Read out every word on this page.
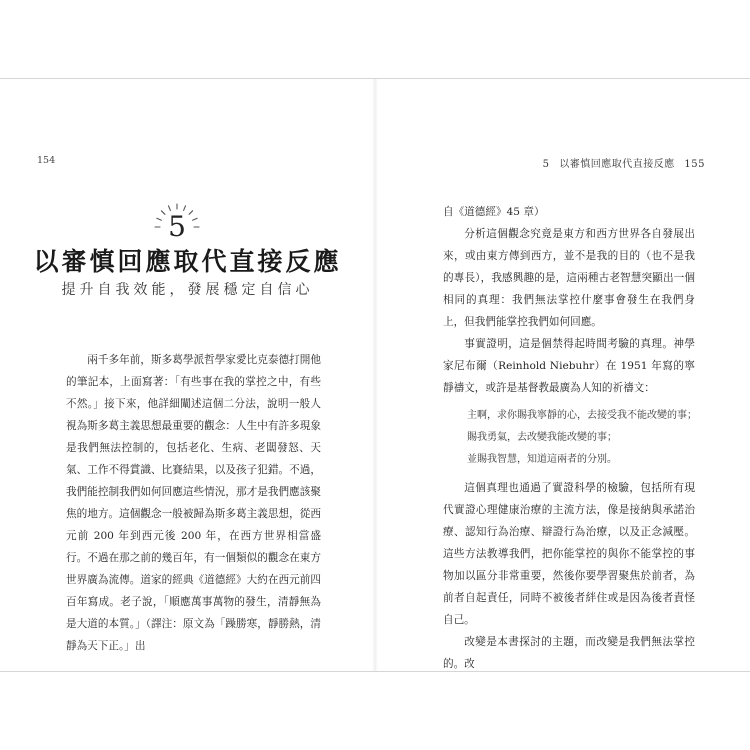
154
5
以審慎回應取代直接反應
提升自我效能，發展穩定自信心

兩千多年前，斯多葛學派哲學家愛比克泰德打開他的筆記本，上面寫著：「有些事在我的掌控之中，有些不然。」接下來，他詳細闡述這個二分法，說明一般人視為斯多葛主義思想最重要的觀念：人生中有許多現象是我們無法控制的，包括老化、生病、老闆發怒、天氣、工作不得賞識、比賽結果，以及孩子犯錯。不過，我們能控制我們如何回應這些情況，那才是我們應該聚焦的地方。這個觀念一般被歸為斯多葛主義思想，從西元前 200 年到西元後 200 年，在西方世界相當盛行。不過在那之前的幾百年，有一個類似的觀念在東方世界廣為流傳。道家的經典《道德經》大約在西元前四百年寫成。老子說，「順應萬事萬物的發生，清靜無為是大道的本質。」（譯注：原文為「躁勝寒，靜勝熱，清靜為天下正。」出

5 以審慎回應取代直接反應 155

自《道德經》45 章）

分析這個觀念究竟是東方和西方世界各自發展出來，或由東方傳到西方，並不是我的目的（也不是我的專長），我感興趣的是，這兩種古老智慧突顯出一個相同的真理：我們無法掌控什麼事會發生在我們身上，但我們能掌控我們如何回應。

事實證明，這是個禁得起時間考驗的真理。神學家尼布爾（Reinhold Niebuhr）在 1951 年寫的寧靜禱文，或許是基督教最廣為人知的祈禱文：

主啊，求你賜我寧靜的心，去接受我不能改變的事；
賜我勇氣，去改變我能改變的事；
並賜我智慧，知道這兩者的分別。

這個真理也通過了實證科學的檢驗，包括所有現代實證心理健康治療的主流方法，像是接納與承諾治療、認知行為治療、辯證行為治療，以及正念減壓。這些方法教導我們，把你能掌控的與你不能掌控的事物加以區分非常重要，然後你要學習聚焦於前者，為前者自起責任，同時不被後者絆住或是因為後者責怪自己。

改變是本書探討的主題，而改變是我們無法掌控的。改
